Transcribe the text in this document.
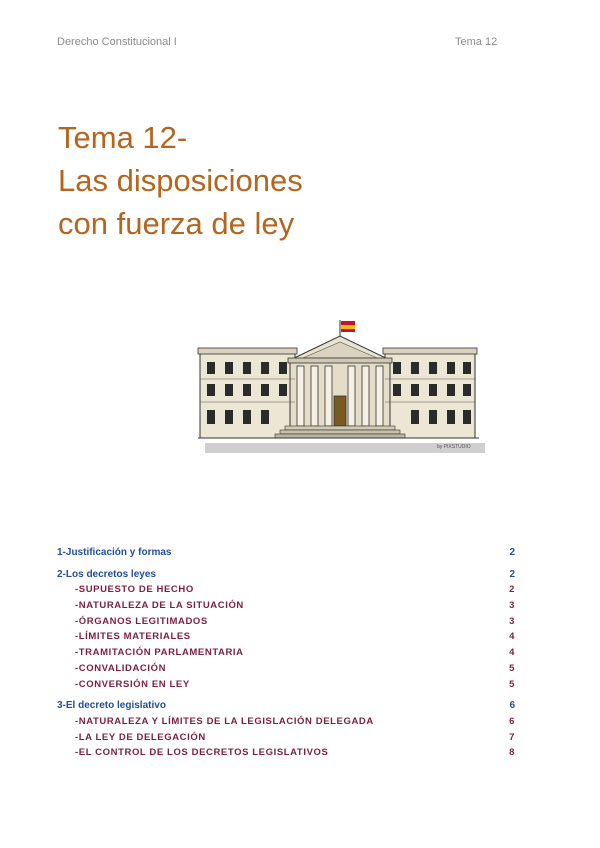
Derecho Constitucional I	Tema 12
Tema 12-
Las disposiciones
con fuerza de ley
by PIXSTUDIO
1-Justificación y formas	2
2-Los decretos leyes	2
-SUPUESTO DE HECHO	2
-NATURALEZA DE LA SITUACIÓN	3
-ÓRGANOS LEGITIMADOS	3
-LÍMITES MATERIALES	4
-TRAMITACIÓN PARLAMENTARIA	4
-CONVALIDACIÓN	5
-CONVERSIÓN EN LEY	5
3-El decreto legislativo	6
-NATURALEZA Y LÍMITES DE LA LEGISLACIÓN DELEGADA	6
-LA LEY DE DELEGACIÓN	7
-EL CONTROL DE LOS DECRETOS LEGISLATIVOS	8
